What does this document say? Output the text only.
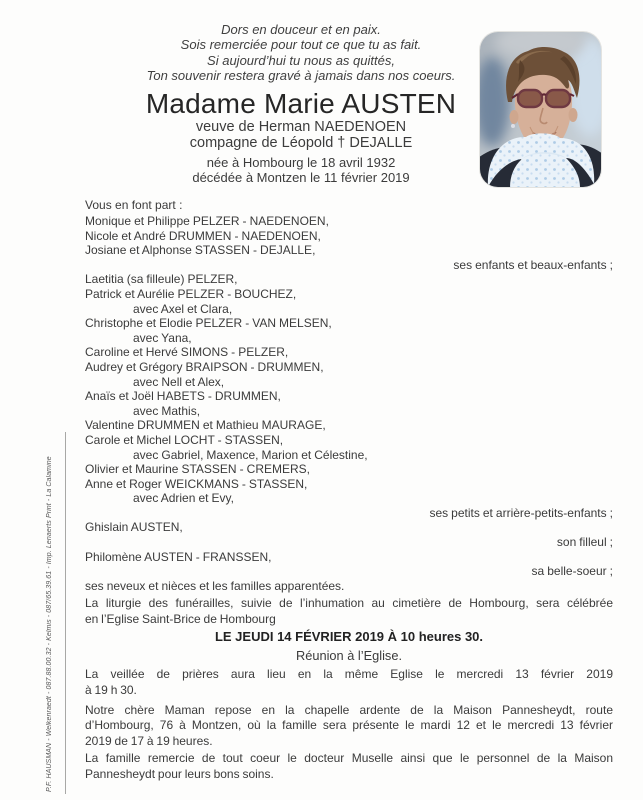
P.F. HAUSMAN - Welkenraedt - 087.88.00.32 - Kelmis - 087/65.39.61 - Imp. Lenaerts Print - La Calamine
Dors en douceur et en paix.
Sois remerciée pour tout ce que tu as fait.
Si aujourd’hui tu nous as quittés,
Ton souvenir restera gravé à jamais dans nos coeurs.
Madame Marie AUSTEN
veuve de Herman NAEDENOEN
compagne de Léopold † DEJALLE
née à Hombourg le 18 avril 1932
décédée à Montzen le 11 février 2019
Vous en font part :
Monique et Philippe PELZER - NAEDENOEN,
Nicole et André DRUMMEN - NAEDENOEN,
Josiane et Alphonse STASSEN - DEJALLE,
ses enfants et beaux-enfants ;
Laetitia (sa filleule) PELZER,
Patrick et Aurélie PELZER - BOUCHEZ,
avec Axel et Clara,
Christophe et Elodie PELZER - VAN MELSEN,
avec Yana,
Caroline et Hervé SIMONS - PELZER,
Audrey et Grégory BRAIPSON - DRUMMEN,
avec Nell et Alex,
Anaïs et Joël HABETS - DRUMMEN,
avec Mathis,
Valentine DRUMMEN et Mathieu MAURAGE,
Carole et Michel LOCHT - STASSEN,
avec Gabriel, Maxence, Marion et Célestine,
Olivier et Maurine STASSEN - CREMERS,
Anne et Roger WEICKMANS - STASSEN,
avec Adrien et Evy,
ses petits et arrière-petits-enfants ;
Ghislain AUSTEN,
son filleul ;
Philomène AUSTEN - FRANSSEN,
sa belle-soeur ;
ses neveux et nièces et les familles apparentées.
La liturgie des funérailles, suivie de l’inhumation au cimetière de Hombourg, sera célébrée
en l’Eglise Saint-Brice de Hombourg
LE JEUDI 14 FÉVRIER 2019 À 10 heures 30.
Réunion à l’Eglise.
La veillée de prières aura lieu en la même Eglise le mercredi 13 février 2019
à 19 h 30.
Notre chère Maman repose en la chapelle ardente de la Maison Pannesheydt, route
d’Hombourg, 76 à Montzen, où la famille sera présente le mardi 12 et le mercredi 13 février
2019 de 17 à 19 heures.
La famille remercie de tout coeur le docteur Muselle ainsi que le personnel de la Maison
Pannesheydt pour leurs bons soins.
